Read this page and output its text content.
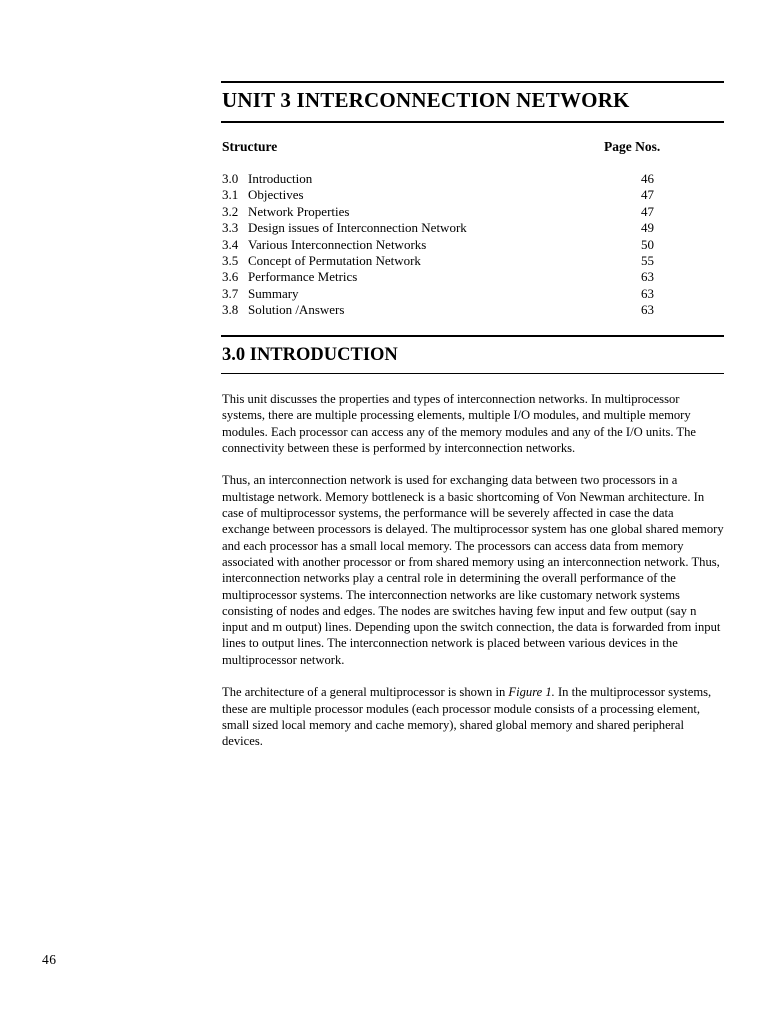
UNIT 3 INTERCONNECTION NETWORK
Structure	Page Nos.
3.0 Introduction	46
3.1 Objectives	47
3.2 Network Properties	47
3.3 Design issues of Interconnection Network	49
3.4 Various Interconnection Networks	50
3.5 Concept of Permutation Network	55
3.6 Performance Metrics	63
3.7 Summary	63
3.8 Solution /Answers	63
3.0 INTRODUCTION

This unit discusses the properties and types of interconnection networks. In multiprocessor systems, there are multiple processing elements, multiple I/O modules, and multiple memory modules. Each processor can access any of the memory modules and any of the I/O units. The connectivity between these is performed by interconnection networks.

Thus, an interconnection network is used for exchanging data between two processors in a multistage network. Memory bottleneck is a basic shortcoming of Von Newman architecture. In case of multiprocessor systems, the performance will be severely affected in case the data exchange between processors is delayed. The multiprocessor system has one global shared memory and each processor has a small local memory. The processors can access data from memory associated with another processor or from shared memory using an interconnection network. Thus, interconnection networks play a central role in determining the overall performance of the multiprocessor systems. The interconnection networks are like customary network systems consisting of nodes and edges. The nodes are switches having few input and few output (say n input and m output) lines. Depending upon the switch connection, the data is forwarded from input lines to output lines. The interconnection network is placed between various devices in the multiprocessor network.

The architecture of a general multiprocessor is shown in Figure 1. In the multiprocessor systems, these are multiple processor modules (each processor module consists of a processing element, small sized local memory and cache memory), shared global memory and shared peripheral devices.

46
